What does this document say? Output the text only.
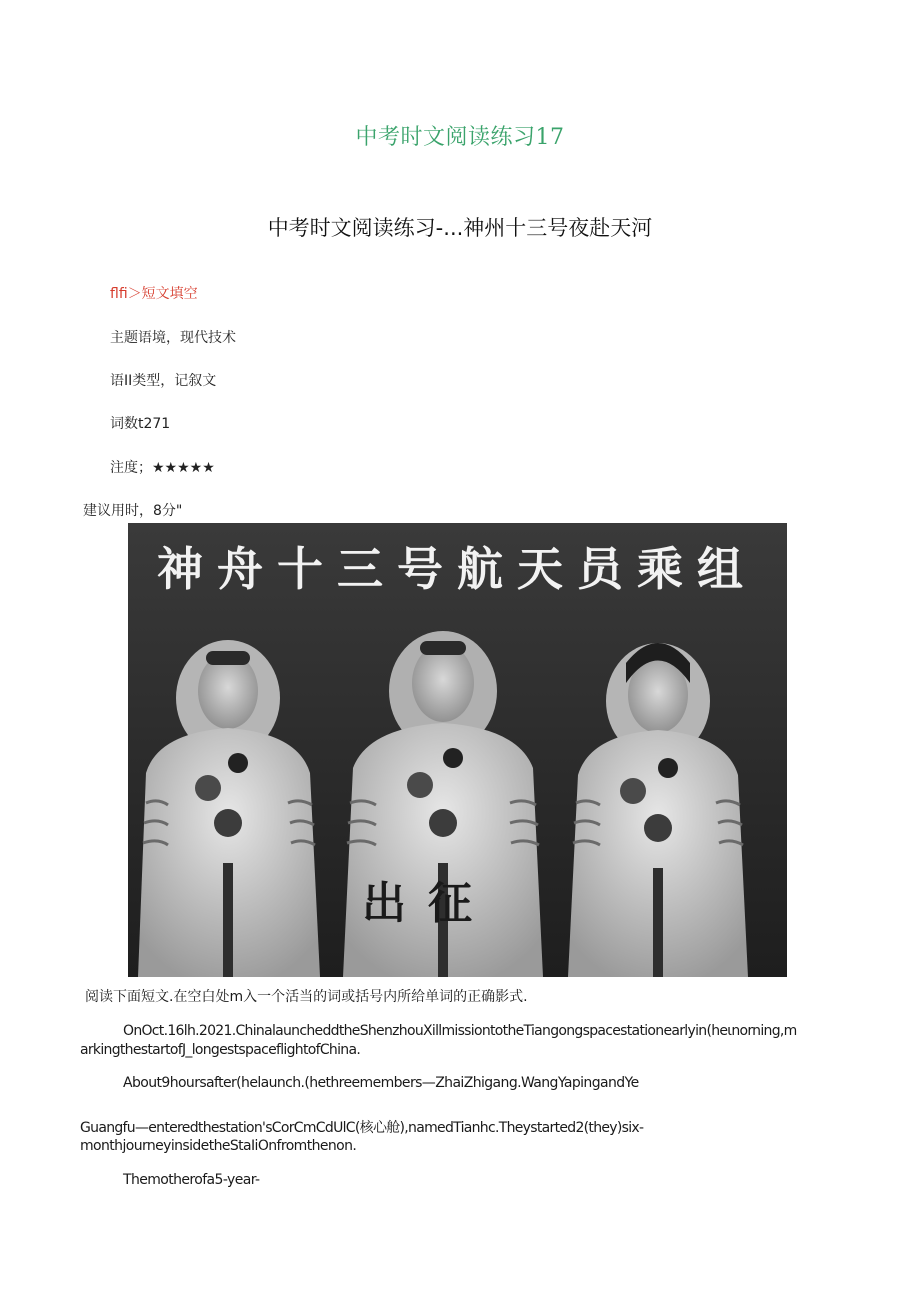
中考时文阅读练习17
中考时文阅读练习-...神州十三号夜赴天河
flfi＞短文填空
主题语境，现代技术
语II类型，记叙文
词数t271
注度；★★★★★
建议用时，8分"
神舟十三号航天员乘组
出征
阅读下面短文.在空白处m入一个活当的词或括号内所给单词的正确影式.
OnOct.16lh.2021.ChinalauncheddtheShenzhouXillmissiontotheTiangongspacestationearlyin(heιnorning,m
arkingthestartofJ_longestspaceflightofChina.
About9hoursafter(helaunch.(hethreemembers—ZhaiZhigang.WangYapingandYe
Guangfu—enteredthestation'sCorCmCdUlC(核心舱),namedTianhc.Theystarted2(they)six-
monthjourneyinsidetheStaIiOnfromthenon.
Themotherofa5-year-
